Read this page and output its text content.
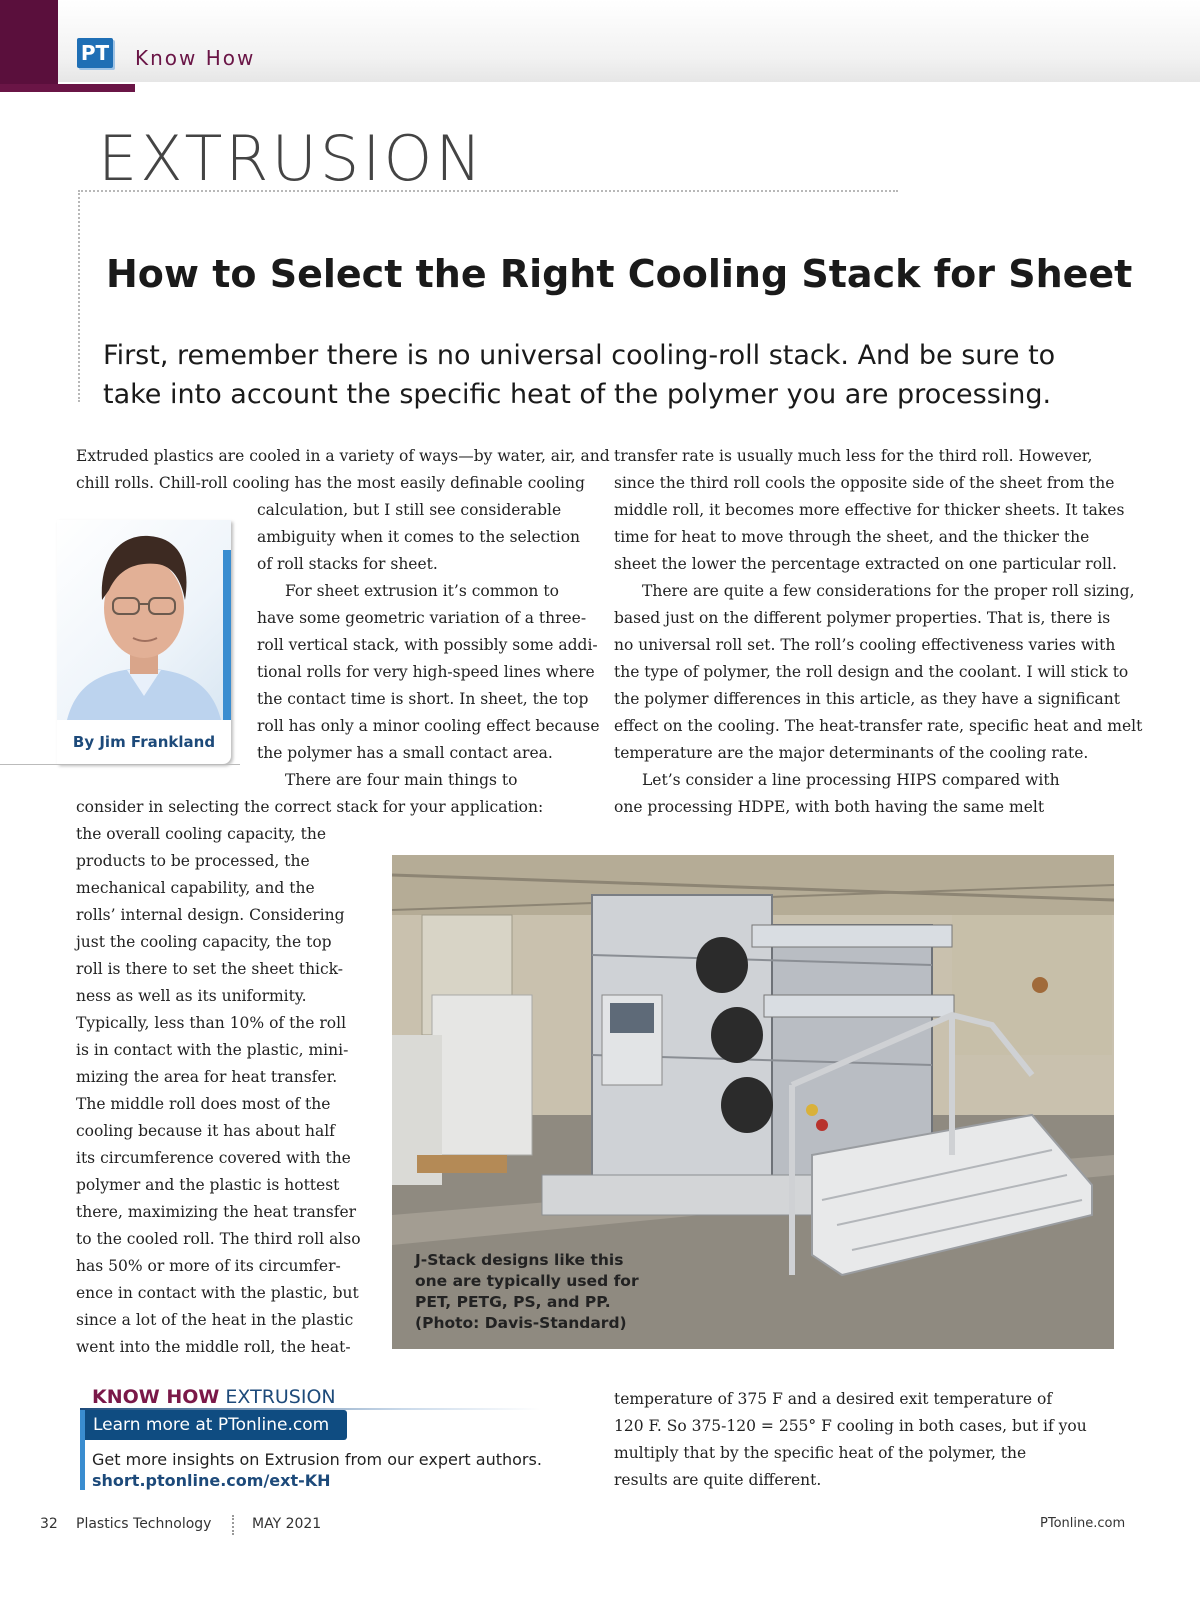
PT Know How
EXTRUSION
How to Select the Right Cooling Stack for Sheet
First, remember there is no universal cooling-roll stack. And be sure to take into account the specific heat of the polymer you are processing.
By Jim Frankland
Extruded plastics are cooled in a variety of ways—by water, air, and
chill rolls. Chill-roll cooling has the most easily definable cooling
calculation, but I still see considerable
ambiguity when it comes to the selection
of roll stacks for sheet.
For sheet extrusion it’s common to
have some geometric variation of a three-
roll vertical stack, with possibly some addi-
tional rolls for very high-speed lines where
the contact time is short. In sheet, the top
roll has only a minor cooling effect because
the polymer has a small contact area.
There are four main things to
consider in selecting the correct stack for your application:
the overall cooling capacity, the
products to be processed, the
mechanical capability, and the
rolls’ internal design. Considering
just the cooling capacity, the top
roll is there to set the sheet thick-
ness as well as its uniformity.
Typically, less than 10% of the roll
is in contact with the plastic, mini-
mizing the area for heat transfer.
The middle roll does most of the
cooling because it has about half
its circumference covered with the
polymer and the plastic is hottest
there, maximizing the heat transfer
to the cooled roll. The third roll also
has 50% or more of its circumfer-
ence in contact with the plastic, but
since a lot of the heat in the plastic
went into the middle roll, the heat-
transfer rate is usually much less for the third roll. However,
since the third roll cools the opposite side of the sheet from the
middle roll, it becomes more effective for thicker sheets. It takes
time for heat to move through the sheet, and the thicker the
sheet the lower the percentage extracted on one particular roll.
There are quite a few considerations for the proper roll sizing,
based just on the different polymer properties. That is, there is
no universal roll set. The roll’s cooling effectiveness varies with
the type of polymer, the roll design and the coolant. I will stick to
the polymer differences in this article, as they have a significant
effect on the cooling. The heat-transfer rate, specific heat and melt
temperature are the major determinants of the cooling rate.
Let’s consider a line processing HIPS compared with
one processing HDPE, with both having the same melt
temperature of 375 F and a desired exit temperature of
120 F. So 375-120 = 255° F cooling in both cases, but if you
multiply that by the specific heat of the polymer, the
results are quite different.
J-Stack designs like this
one are typically used for
PET, PETG, PS, and PP.
(Photo: Davis-Standard)
KNOW HOW EXTRUSION
Learn more at PTonline.com
Get more insights on Extrusion from our expert authors.
short.ptonline.com/ext-KH
32 Plastics Technology	MAY 2021	PTonline.com
